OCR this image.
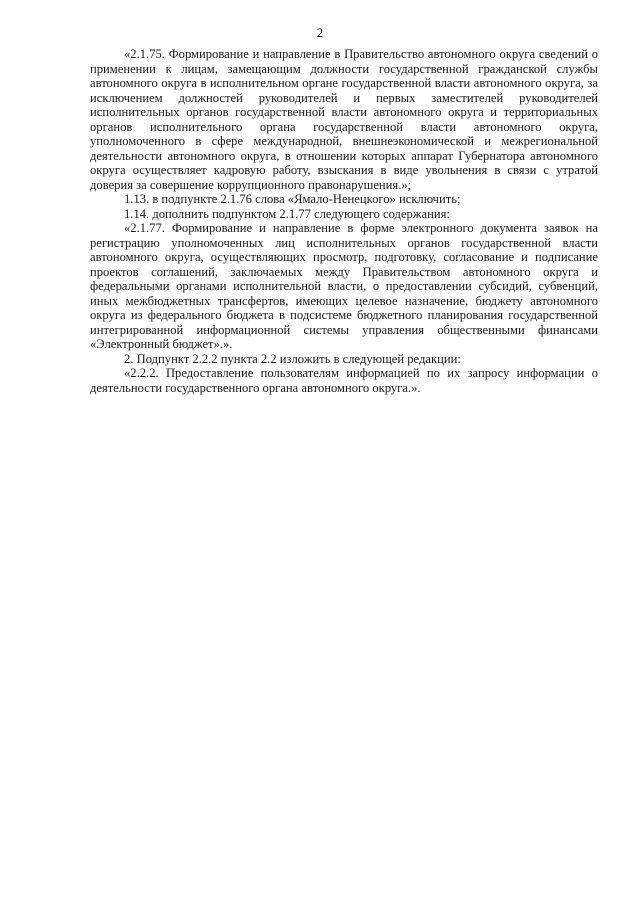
2

«2.1.75. Формирование и направление в Правительство автономного округа сведений о применении к лицам, замещающим должности государственной гражданской службы автономного округа в исполнительном органе государственной власти автономного округа, за исключением должностей руководителей и первых заместителей руководителей исполнительных органов государственной власти автономного округа и территориальных органов исполнительного органа государственной власти автономного округа, уполномоченного в сфере международной, внешнеэкономической и межрегиональной деятельности автономного округа, в отношении которых аппарат Губернатора автономного округа осуществляет кадровую работу, взыскания в виде увольнения в связи с утратой доверия за совершение коррупционного правонарушения.»;

1.13. в подпункте 2.1.76 слова «Ямало-Ненецкого» исключить;

1.14. дополнить подпунктом 2.1.77 следующего содержания:

«2.1.77. Формирование и направление в форме электронного документа заявок на регистрацию уполномоченных лиц исполнительных органов государственной власти автономного округа, осуществляющих просмотр, подготовку, согласование и подписание проектов соглашений, заключаемых между Правительством автономного округа и федеральными органами исполнительной власти, о предоставлении субсидий, субвенций, иных межбюджетных трансфертов, имеющих целевое назначение, бюджету автономного округа из федерального бюджета в подсистеме бюджетного планирования государственной интегрированной информационной системы управления общественными финансами «Электронный бюджет».».

2. Подпункт 2.2.2 пункта 2.2 изложить в следующей редакции:

«2.2.2. Предоставление пользователям информацией по их запросу информации о деятельности государственного органа автономного округа.».
